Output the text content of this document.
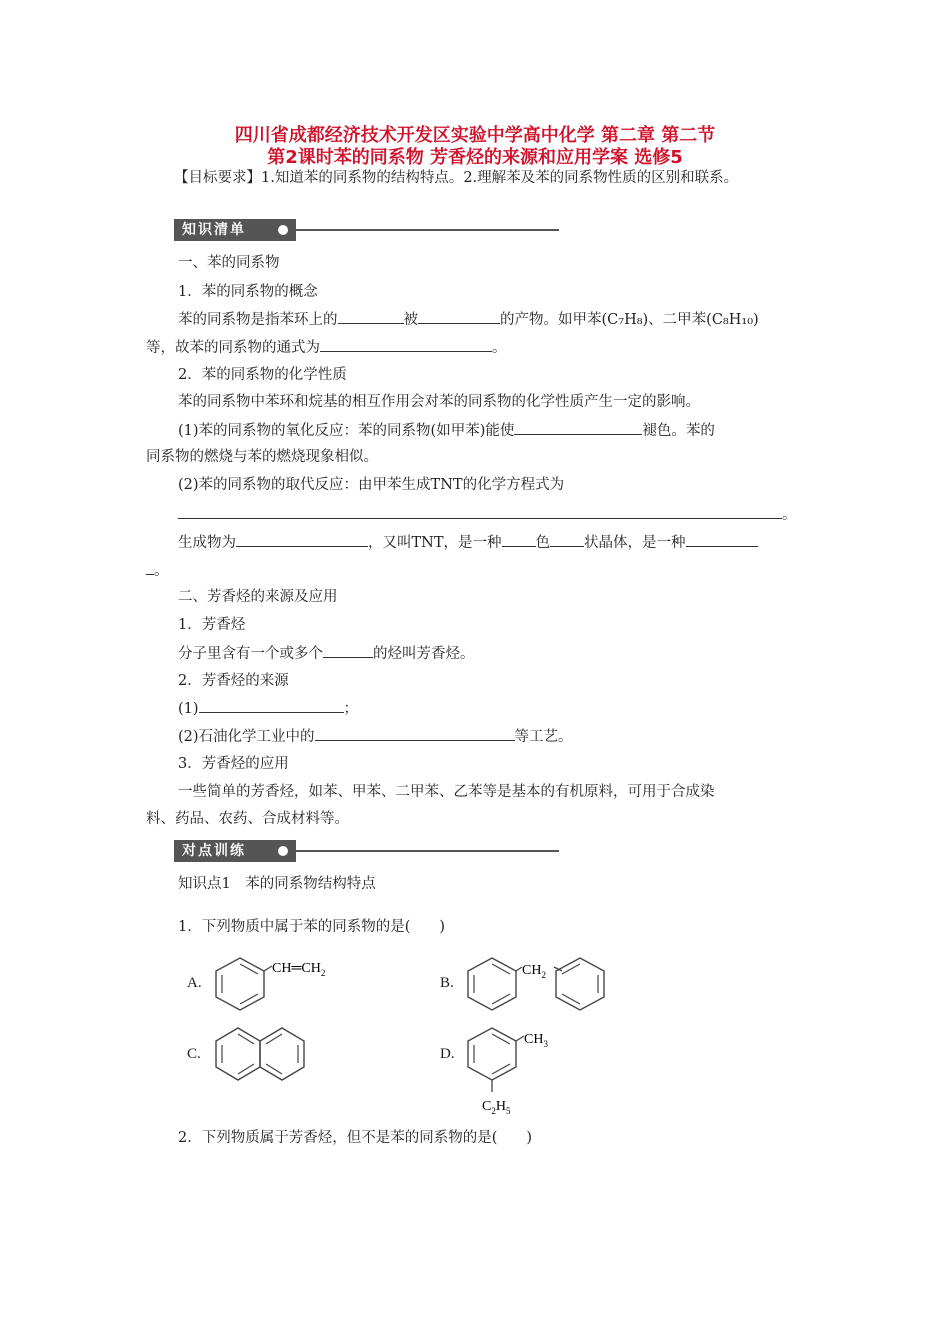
四川省成都经济技术开发区实验中学高中化学 第二章 第二节
第2课时苯的同系物 芳香烃的来源和应用学案 选修5
【目标要求】1.知道苯的同系物的结构特点。2.理解苯及苯的同系物性质的区别和联系。
知识清单
一、苯的同系物
1．苯的同系物的概念
苯的同系物是指苯环上的	被	的产物。如甲苯(C₇H₈)、二甲苯(C₈H₁₀)
等，故苯的同系物的通式为	。
2．苯的同系物的化学性质
苯的同系物中苯环和烷基的相互作用会对苯的同系物的化学性质产生一定的影响。
(1)苯的同系物的氧化反应：苯的同系物(如甲苯)能使	褪色。苯的
同系物的燃烧与苯的燃烧现象相似。
(2)苯的同系物的取代反应：由甲苯生成TNT的化学方程式为
。
生成物为	，又叫TNT，是一种 色 状晶体，是一种
。
二、芳香烃的来源及应用
1．芳香烃
分子里含有一个或多个	的烃叫芳香烃。
2．芳香烃的来源
(1)	；
(2)石油化学工业中的	等工艺。
3．芳香烃的应用
一些简单的芳香烃，如苯、甲苯、二甲苯、乙苯等是基本的有机原料，可用于合成染
料、药品、农药、合成材料等。
对点训练
知识点1　苯的同系物结构特点
1．下列物质中属于苯的同系物的是(　　)
A.
$CH═CH_2$
B.
$CH_2$
C.	D.
$CH_3$
$C_2H_5$
2．下列物质属于芳香烃，但不是苯的同系物的是(　　)
